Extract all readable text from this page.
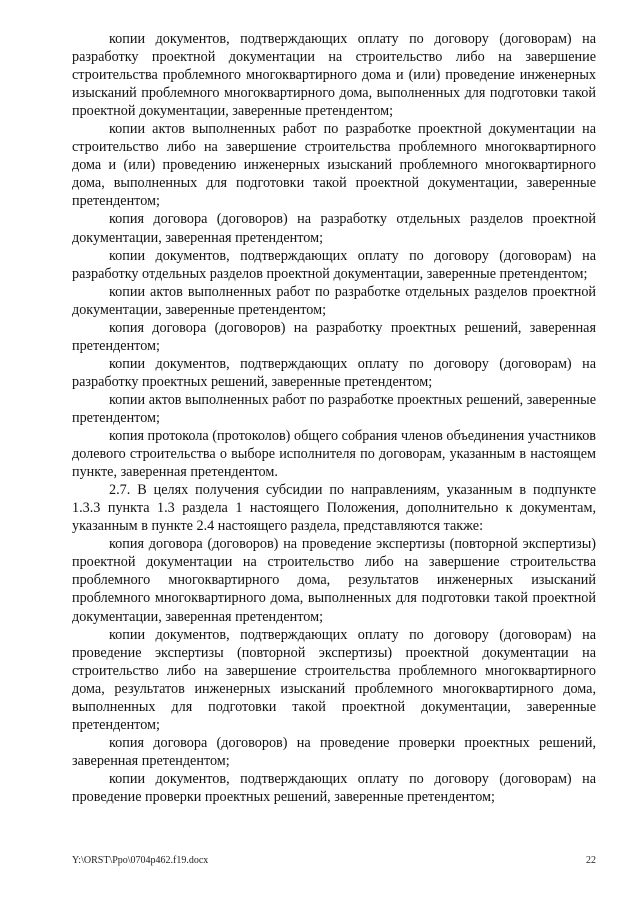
копии документов, подтверждающих оплату по договору (договорам) на разработку проектной документации на строительство либо на завершение строительства проблемного многоквартирного дома и (или) проведение инженерных изысканий проблемного многоквартирного дома, выполненных для подготовки такой проектной документации, заверенные претендентом;

копии актов выполненных работ по разработке проектной документации на строительство либо на завершение строительства проблемного многоквартирного дома и (или) проведению инженерных изысканий проблемного многоквартирного дома, выполненных для подготовки такой проектной документации, заверенные претендентом;

копия договора (договоров) на разработку отдельных разделов проектной документации, заверенная претендентом;

копии документов, подтверждающих оплату по договору (договорам) на разработку отдельных разделов проектной документации, заверенные претендентом;

копии актов выполненных работ по разработке отдельных разделов проектной документации, заверенные претендентом;

копия договора (договоров) на разработку проектных решений, заверенная претендентом;

копии документов, подтверждающих оплату по договору (договорам) на разработку проектных решений, заверенные претендентом;

копии актов выполненных работ по разработке проектных решений, заверенные претендентом;

копия протокола (протоколов) общего собрания членов объединения участников долевого строительства о выборе исполнителя по договорам, указанным в настоящем пункте, заверенная претендентом.

2.7. В целях получения субсидии по направлениям, указанным в подпункте 1.3.3 пункта 1.3 раздела 1 настоящего Положения, дополнительно к документам, указанным в пункте 2.4 настоящего раздела, представляются также:

копия договора (договоров) на проведение экспертизы (повторной экспертизы) проектной документации на строительство либо на завершение строительства проблемного многоквартирного дома, результатов инженерных изысканий проблемного многоквартирного дома, выполненных для подготовки такой проектной документации, заверенная претендентом;

копии документов, подтверждающих оплату по договору (договорам) на проведение экспертизы (повторной экспертизы) проектной документации на строительство либо на завершение строительства проблемного многоквартирного дома, результатов инженерных изысканий проблемного многоквартирного дома, выполненных для подготовки такой проектной документации, заверенные претендентом;

копия договора (договоров) на проведение проверки проектных решений, заверенная претендентом;

копии документов, подтверждающих оплату по договору (договорам) на проведение проверки проектных решений, заверенные претендентом;

Y:\ORST\Ppo\0704p462.f19.docx	22
